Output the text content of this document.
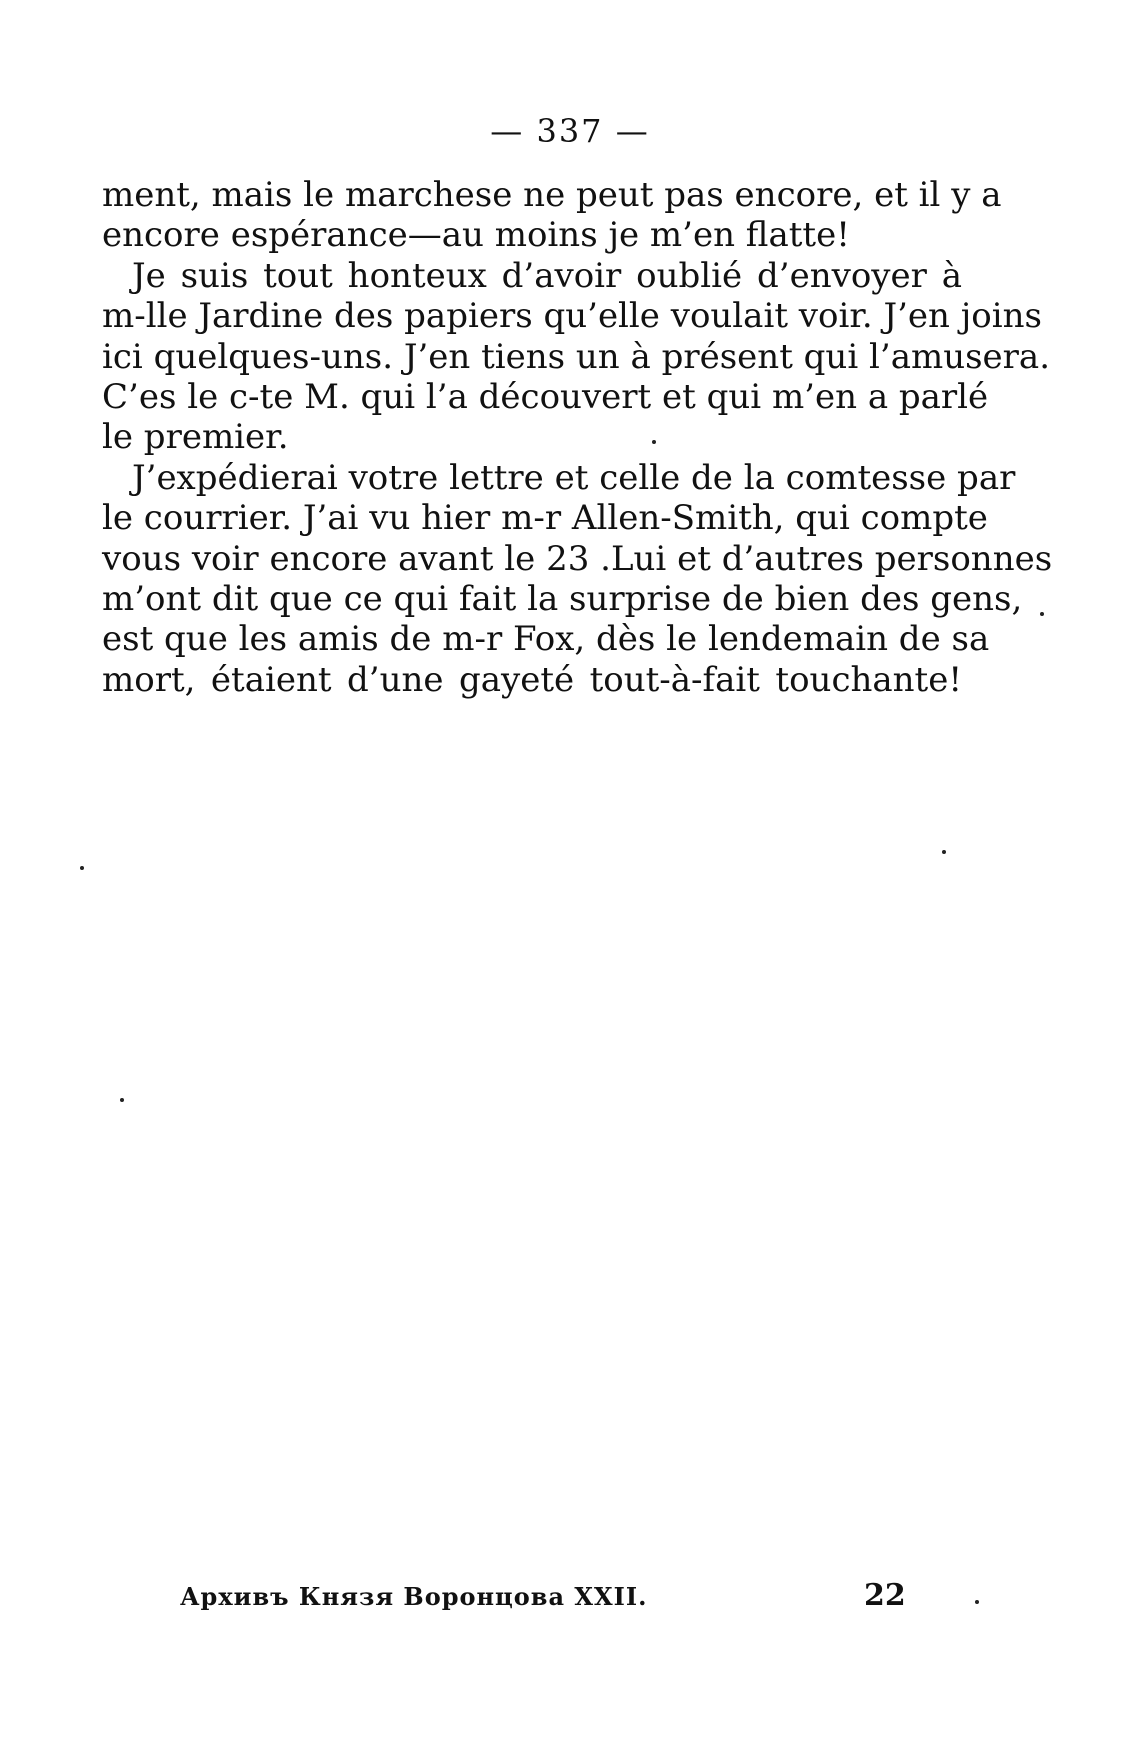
— 337 —
ment, mais le marchese ne peut pas encore, et il y a
encore espérance—au moins je m’en flatte!
Je suis tout honteux d’avoir oublié d’envoyer à
m-lle Jardine des papiers qu’elle voulait voir. J’en joins
ici quelques-uns. J’en tiens un à présent qui l’amusera.
C’es le c-te M. qui l’a découvert et qui m’en a parlé
le premier.
J’expédierai votre lettre et celle de la comtesse par
le courrier. J’ai vu hier m-r Allen-Smith, qui compte
vous voir encore avant le 23 .Lui et d’autres personnes
m’ont dit que ce qui fait la surprise de bien des gens,
est que les amis de m-r Fox, dès le lendemain de sa
mort, étaient d’une gayeté tout-à-fait touchante!
Архивъ Князя Воронцова XXII.	22
